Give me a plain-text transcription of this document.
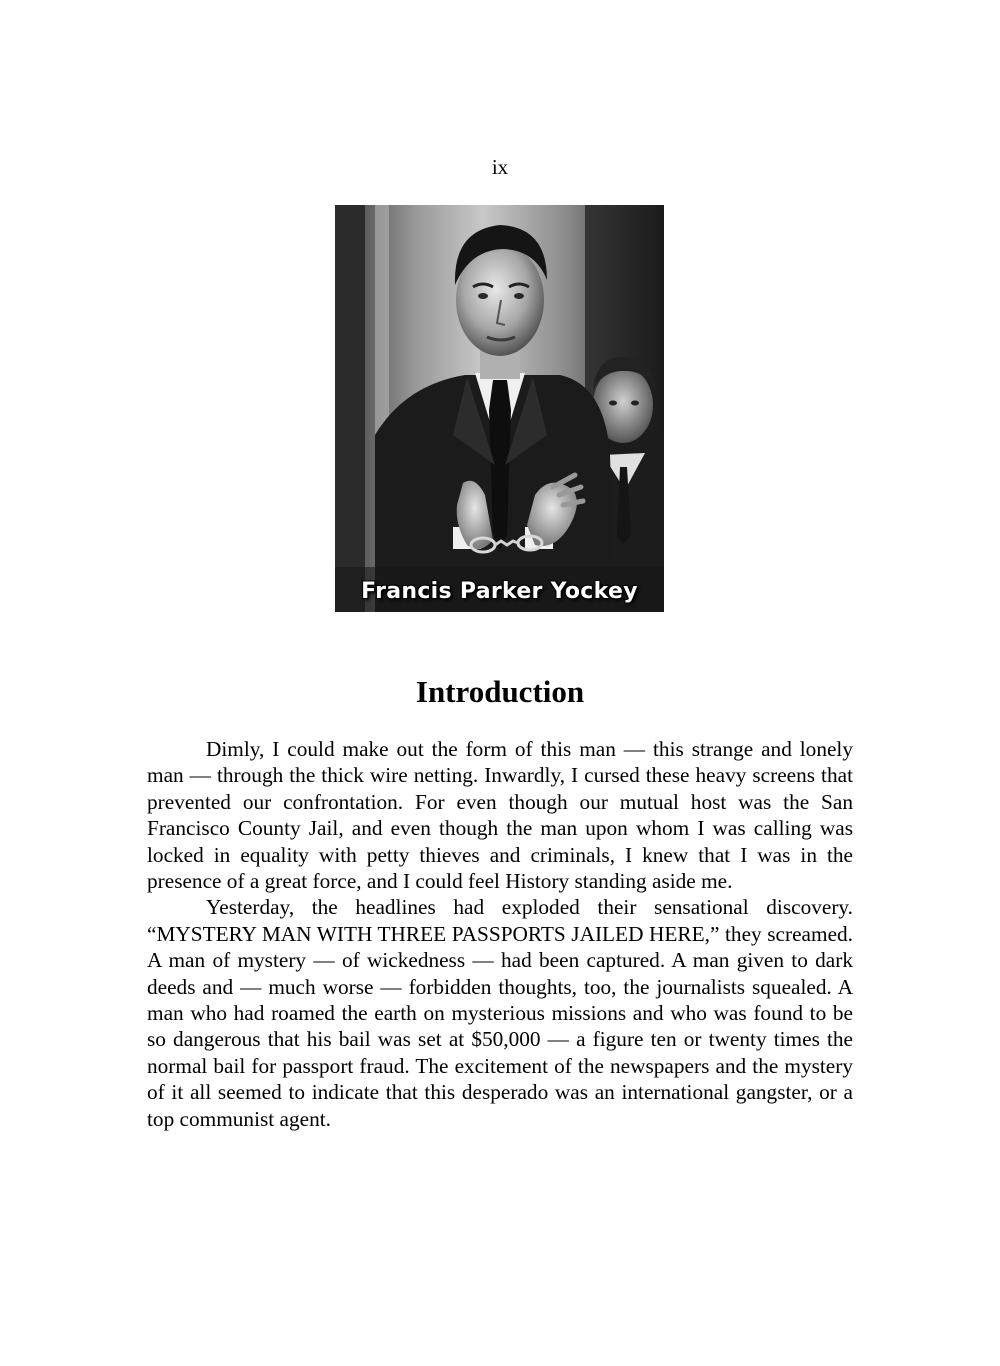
ix
Francis Parker Yockey
Introduction

Dimly, I could make out the form of this man — this strange and lonely man — through the thick wire netting. Inwardly, I cursed these heavy screens that prevented our confrontation. For even though our mutual host was the San Francisco County Jail, and even though the man upon whom I was calling was locked in equality with petty thieves and criminals, I knew that I was in the presence of a great force, and I could feel History standing aside me.

Yesterday, the headlines had exploded their sensational discovery. “MYSTERY MAN WITH THREE PASSPORTS JAILED HERE,” they screamed. A man of mystery — of wickedness — had been captured. A man given to dark deeds and — much worse — forbidden thoughts, too, the journalists squealed. A man who had roamed the earth on mysterious missions and who was found to be so dangerous that his bail was set at $50,000 — a figure ten or twenty times the normal bail for passport fraud. The excitement of the newspapers and the mystery of it all seemed to indicate that this desperado was an international gangster, or a top communist agent.
